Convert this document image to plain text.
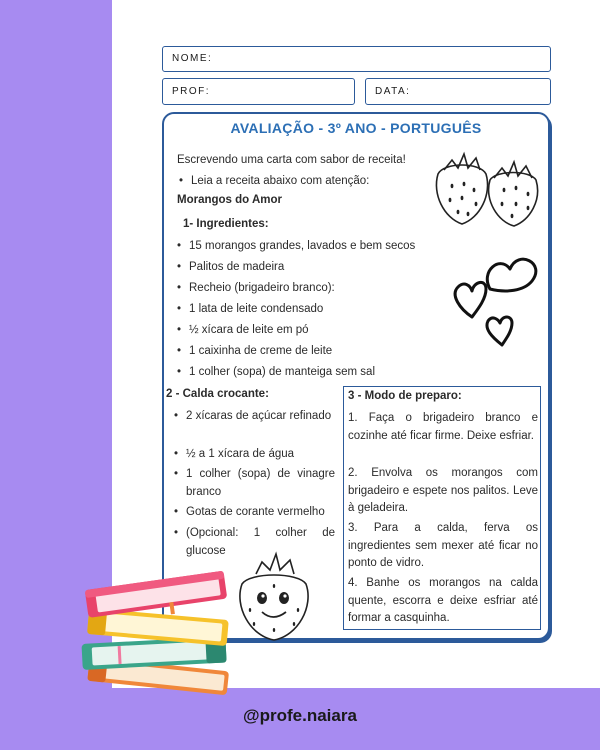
NOME:
PROF:	DATA:
AVALIAÇÃO - 3º ANO - PORTUGUÊS
Escrevendo uma carta com sabor de receita!
• Leia a receita abaixo com atenção:
Morangos do Amor
1- Ingredientes:
• 15 morangos grandes, lavados e bem secos
• Palitos de madeira
• Recheio (brigadeiro branco):
• 1 lata de leite condensado
• ½ xícara de leite em pó
• 1 caixinha de creme de leite
• 1 colher (sopa) de manteiga sem sal
2 - Calda crocante:
• 2 xícaras de açúcar refinado
• ½ a 1 xícara de água
• 1 colher (sopa) de vinagre branco
• Gotas de corante vermelho
• (Opcional: 1 colher de glucose
3 - Modo de preparo:
1. Faça o brigadeiro branco e cozinhe até ficar firme. Deixe esfriar.
2. Envolva os morangos com brigadeiro e espete nos palitos. Leve à geladeira.
3. Para a calda, ferva os ingredientes sem mexer até ficar no ponto de vidro.
4. Banhe os morangos na calda quente, escorra e deixe esfriar até formar a casquinha.
@profe.naiara
